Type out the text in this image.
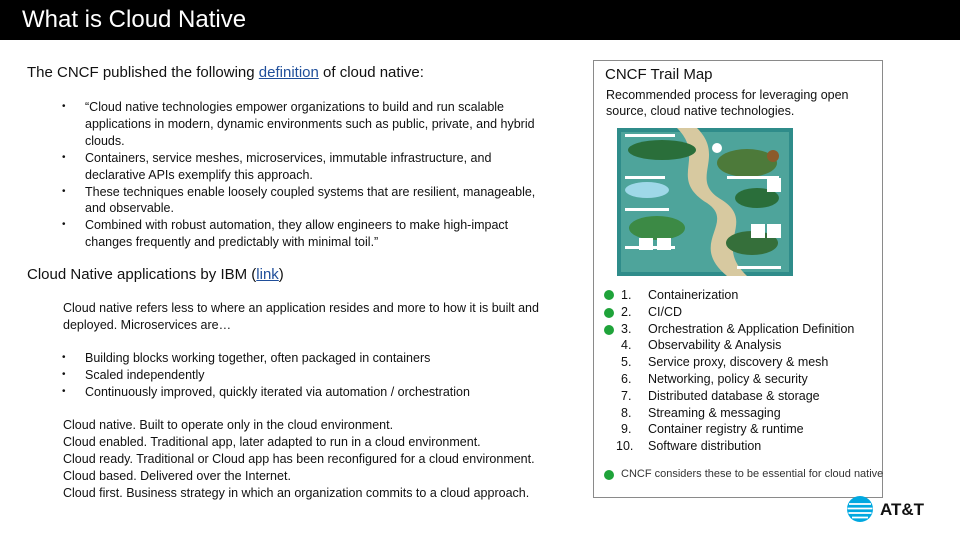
What is Cloud Native
The CNCF published the following definition of cloud native:
• “Cloud native technologies empower organizations to build and run scalable applications in modern, dynamic environments such as public, private, and hybrid clouds.
• Containers, service meshes, microservices, immutable infrastructure, and declarative APIs exemplify this approach.
• These techniques enable loosely coupled systems that are resilient, manageable, and observable.
• Combined with robust automation, they allow engineers to make high-impact changes frequently and predictably with minimal toil.”
Cloud Native applications by IBM (link)
Cloud native refers less to where an application resides and more to how it is built and deployed. Microservices are…
• Building blocks working together, often packaged in containers
• Scaled independently
• Continuously improved, quickly iterated via automation / orchestration
Cloud native. Built to operate only in the cloud environment.
Cloud enabled. Traditional app, later adapted to run in a cloud environment.
Cloud ready. Traditional or Cloud app has been reconfigured for a cloud environment.
Cloud based. Delivered over the Internet.
Cloud first. Business strategy in which an organization commits to a cloud approach.
CNCF Trail Map
Recommended process for leveraging open source, cloud native technologies.
1. Containerization
2. CI/CD
3. Orchestration & Application Definition
4. Observability & Analysis
5. Service proxy, discovery & mesh
6. Networking, policy & security
7. Distributed database & storage
8. Streaming & messaging
9. Container registry & runtime
10. Software distribution
CNCF considers these to be essential for cloud native
AT&T
